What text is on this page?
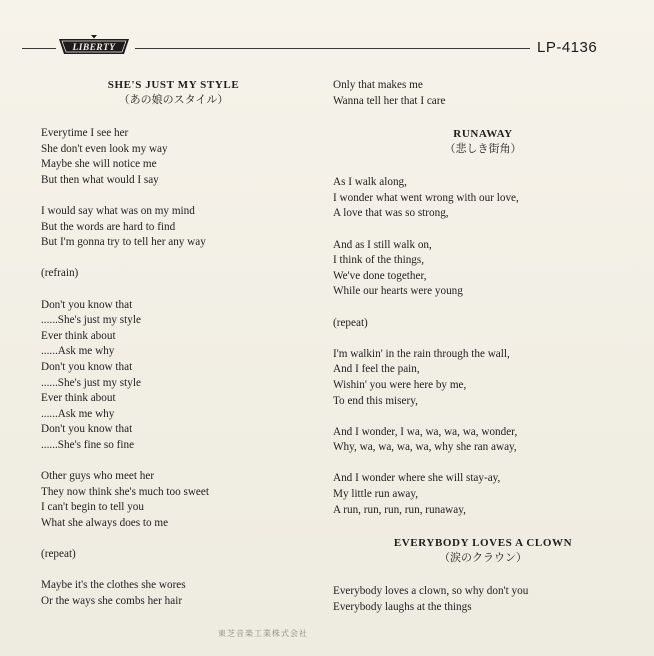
LIBERTY	LP-4136
SHE'S JUST MY STYLE
（あの娘のスタイル）
Everytime I see her
She don't even look my way
Maybe she will notice me
But then what would I say
I would say what was on my mind
But the words are hard to find
But I'm gonna try to tell her any way
(refrain)
Don't you know that
......She's just my style
Ever think about
......Ask me why
Don't you know that
......She's just my style
Ever think about
......Ask me why
Don't you know that
......She's fine so fine
Other guys who meet her
They now think she's much too sweet
I can't begin to tell you
What she always does to me
(repeat)
Maybe it's the clothes she wores
Or the ways she combs her hair
Only that makes me
Wanna tell her that I care
RUNAWAY
（悲しき街角）
As I walk along,
I wonder what went wrong with our love,
A love that was so strong,
And as I still walk on,
I think of the things,
We've done together,
While our hearts were young
(repeat)
I'm walkin' in the rain through the wall,
And I feel the pain,
Wishin' you were here by me,
To end this misery,
And I wonder, I wa, wa, wa, wa, wonder,
Why, wa, wa, wa, wa, why she ran away,
And I wonder where she will stay-ay,
My little run away,
A run, run, run, run, runaway,
EVERYBODY LOVES A CLOWN
（涙のクラウン）
Everybody loves a clown, so why don't you
Everybody laughs at the things
東芝音楽工業株式会社
